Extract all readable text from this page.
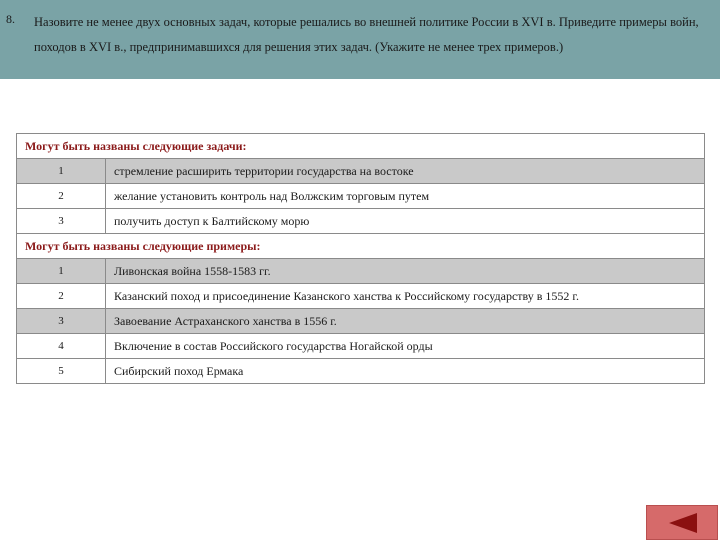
8. Назовите не менее двух основных задач, которые решались во внешней политике России в XVI в. Приведите примеры войн, походов в XVI в., предпринимавшихся для решения этих задач. (Укажите не менее трех примеров.)
Могут быть названы следующие задачи:	
1	стремление расширить территории государства на востоке
2	желание установить контроль над Волжским торговым путем
3	получить доступ к Балтийскому морю
Могут быть названы следующие примеры:	
1	Ливонская война 1558-1583 гг.
2	Казанский поход и присоединение Казанского ханства к Российскому государству в 1552 г.
3	Завоевание Астраханского ханства в 1556 г.
4	Включение в состав Российского государства Ногайской орды
5	Сибирский поход Ермака
